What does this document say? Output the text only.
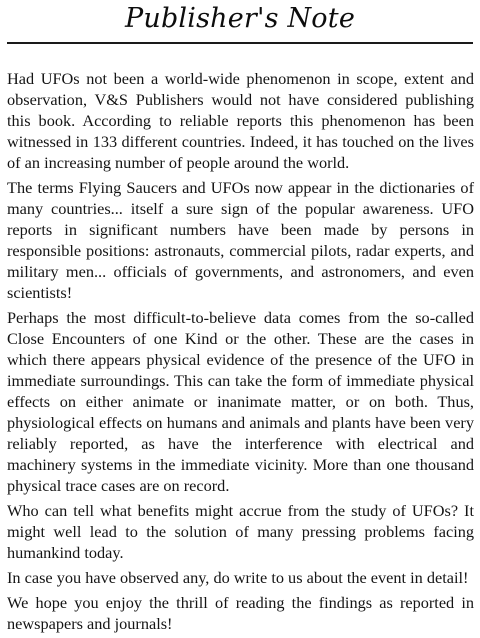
Publisher's Note

Had UFOs not been a world-wide phenomenon in scope, extent and observation, V&S Publishers would not have considered publishing this book. According to reliable reports this phenomenon has been witnessed in 133 different countries. Indeed, it has touched on the lives of an increasing number of people around the world.

The terms Flying Saucers and UFOs now appear in the dictionaries of many countries... itself a sure sign of the popular awareness. UFO reports in significant numbers have been made by persons in responsible positions: astronauts, commercial pilots, radar experts, and military men... officials of governments, and astronomers, and even scientists!

Perhaps the most difficult-to-believe data comes from the so-called Close Encounters of one Kind or the other. These are the cases in which there appears physical evidence of the presence of the UFO in immediate surroundings. This can take the form of immediate physical effects on either animate or inanimate matter, or on both. Thus, physiological effects on humans and animals and plants have been very reliably reported, as have the interference with electrical and machinery systems in the immediate vicinity. More than one thousand physical trace cases are on record.

Who can tell what benefits might accrue from the study of UFOs? It might well lead to the solution of many pressing problems facing humankind today.

In case you have observed any, do write to us about the event in detail!

We hope you enjoy the thrill of reading the findings as reported in newspapers and journals!
